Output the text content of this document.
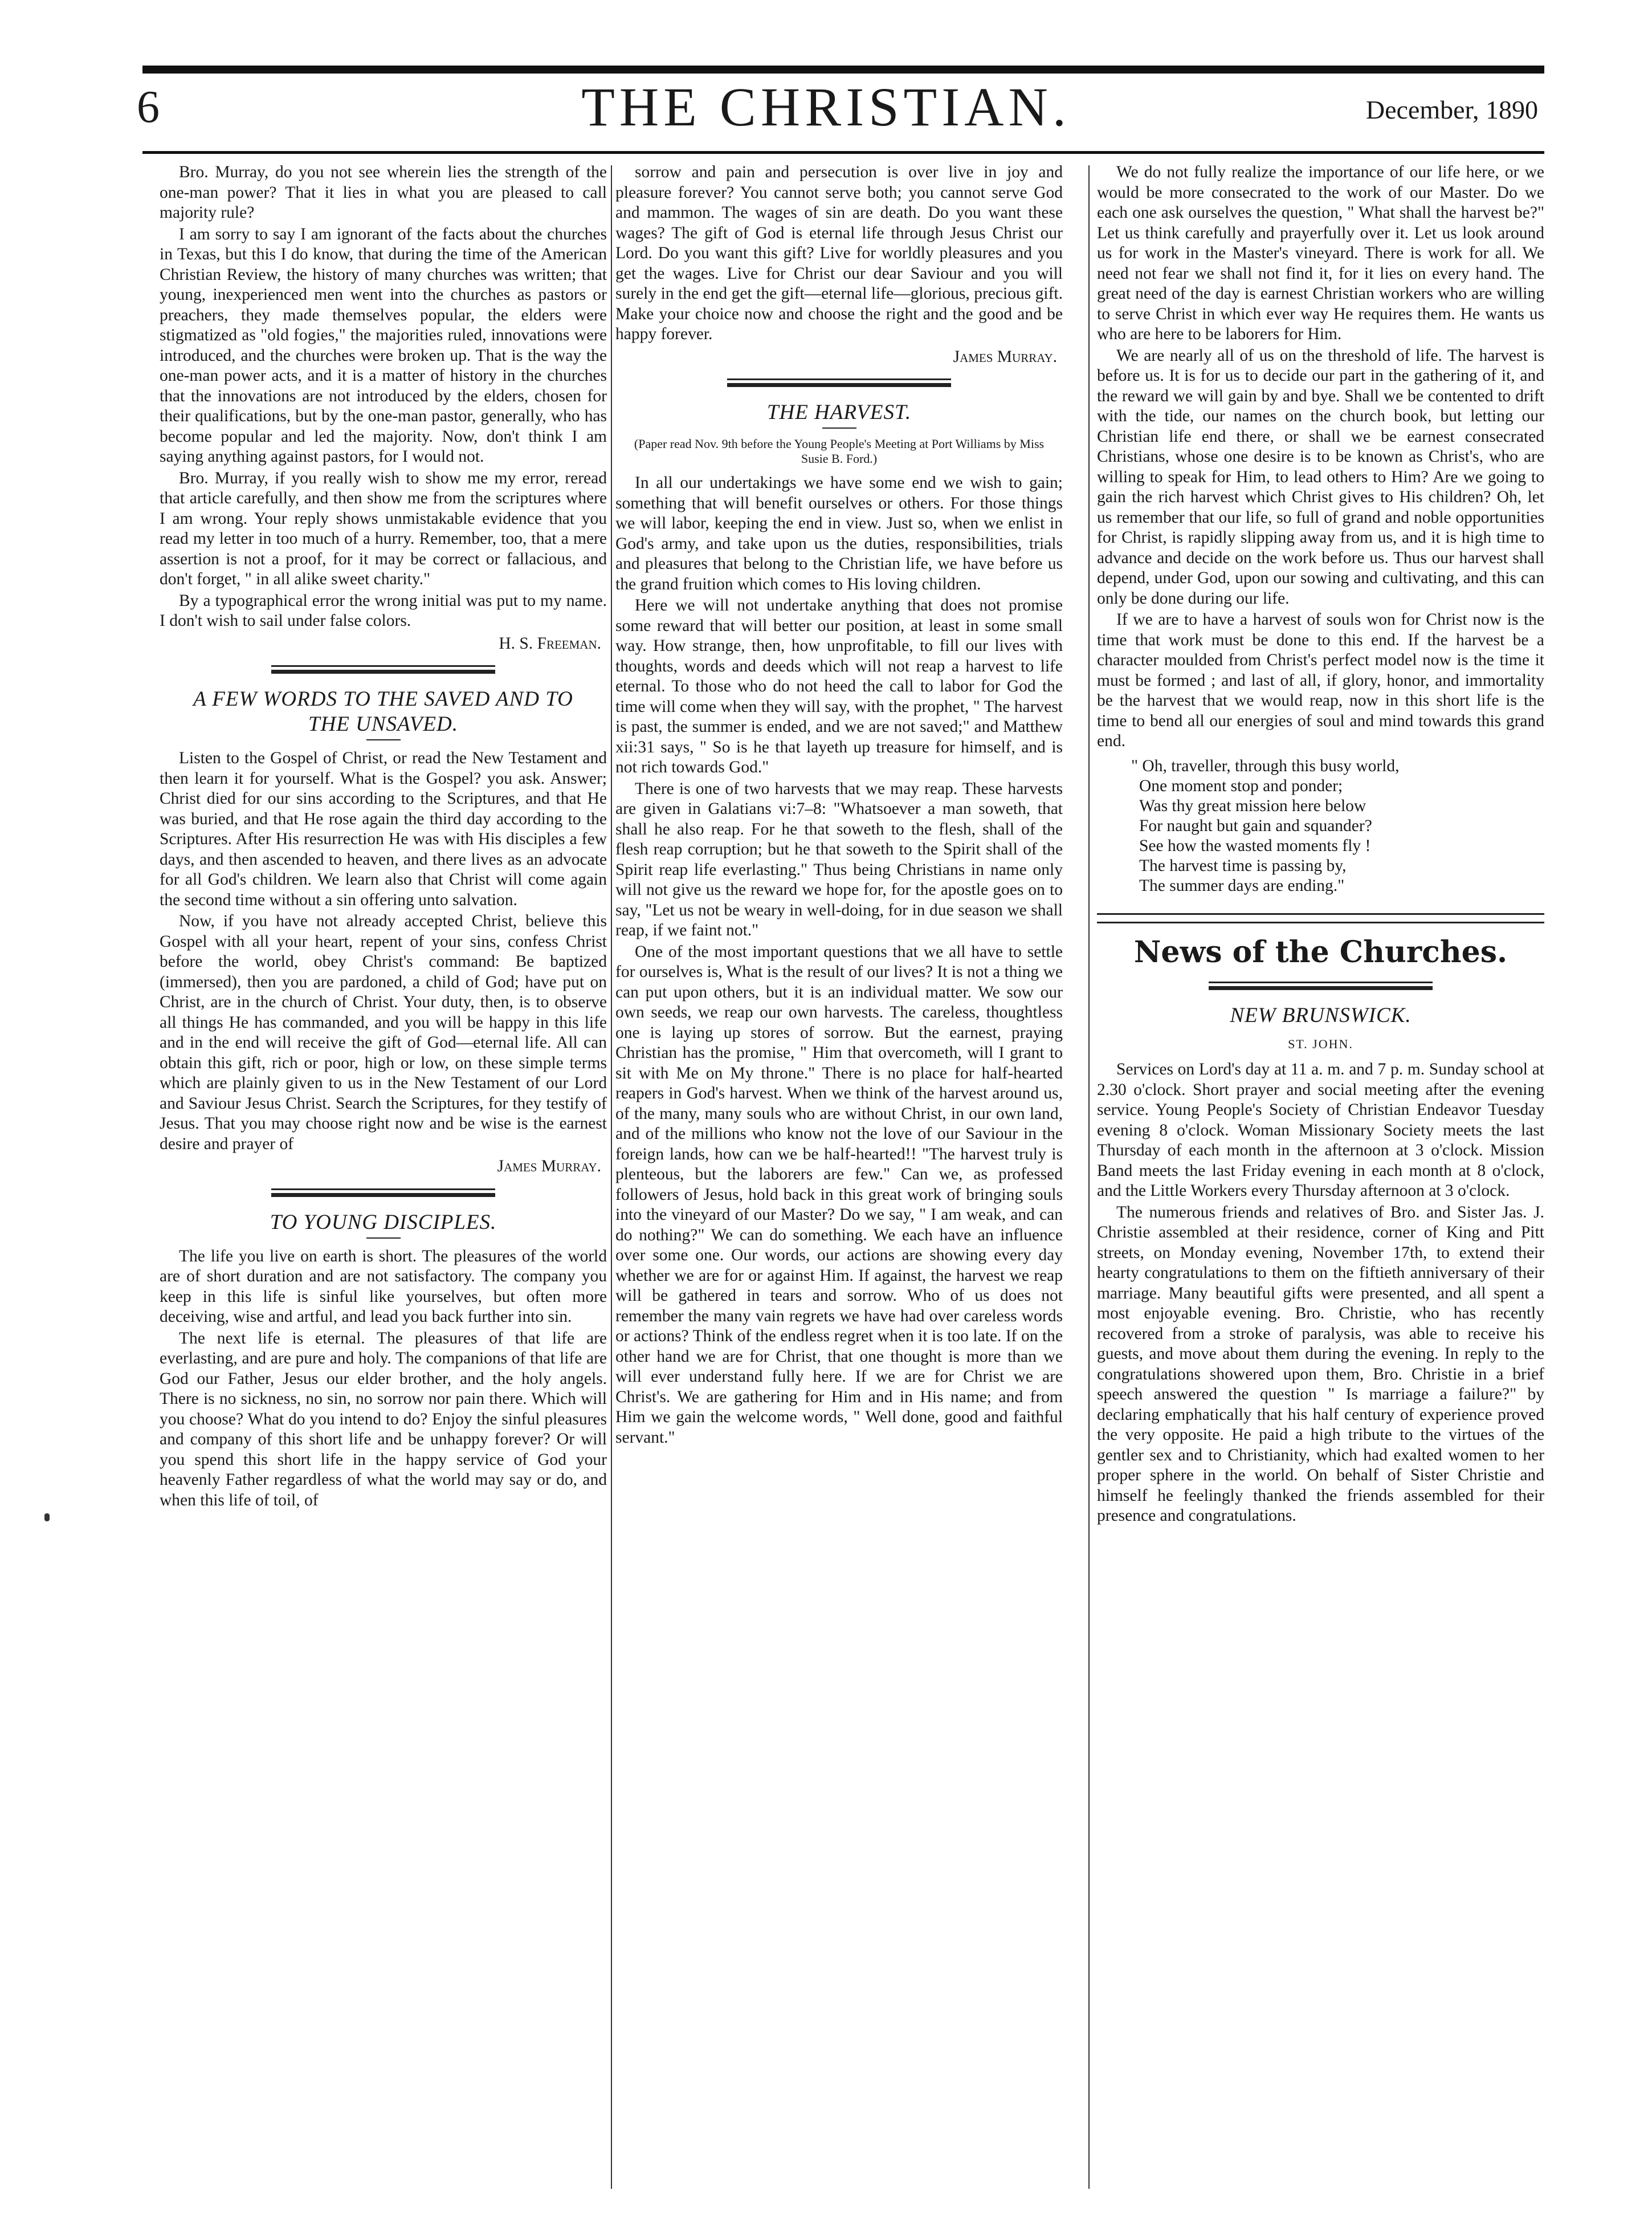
6	THE CHRISTIAN.	December, 1890

Bro. Murray, do you not see wherein lies the strength of the one-man power? That it lies in what you are pleased to call majority rule?

I am sorry to say I am ignorant of the facts about the churches in Texas, but this I do know, that during the time of the American Christian Review, the history of many churches was written; that young, inexperienced men went into the churches as pastors or preachers, they made themselves popular, the elders were stigmatized as "old fogies," the majorities ruled, innovations were introduced, and the churches were broken up. That is the way the one-man power acts, and it is a matter of history in the churches that the innovations are not introduced by the elders, chosen for their qualifications, but by the one-man pastor, generally, who has become popular and led the majority. Now, don't think I am saying anything against pastors, for I would not.

Bro. Murray, if you really wish to show me my error, reread that article carefully, and then show me from the scriptures where I am wrong. Your reply shows unmistakable evidence that you read my letter in too much of a hurry. Remember, too, that a mere assertion is not a proof, for it may be correct or fallacious, and don't forget, " in all alike sweet charity."

By a typographical error the wrong initial was put to my name. I don't wish to sail under false colors.

H. S. Freeman.
A FEW WORDS TO THE SAVED AND TO THE UNSAVED.

Listen to the Gospel of Christ, or read the New Testament and then learn it for yourself. What is the Gospel? you ask. Answer; Christ died for our sins according to the Scriptures, and that He was buried, and that He rose again the third day according to the Scriptures. After His resurrection He was with His disciples a few days, and then ascended to heaven, and there lives as an advocate for all God's children. We learn also that Christ will come again the second time without a sin offering unto salvation.

Now, if you have not already accepted Christ, believe this Gospel with all your heart, repent of your sins, confess Christ before the world, obey Christ's command: Be baptized (immersed), then you are pardoned, a child of God; have put on Christ, are in the church of Christ. Your duty, then, is to observe all things He has commanded, and you will be happy in this life and in the end will receive the gift of God—eternal life. All can obtain this gift, rich or poor, high or low, on these simple terms which are plainly given to us in the New Testament of our Lord and Saviour Jesus Christ. Search the Scriptures, for they testify of Jesus. That you may choose right now and be wise is the earnest desire and prayer of

James Murray.
TO YOUNG DISCIPLES.

The life you live on earth is short. The pleasures of the world are of short duration and are not satisfactory. The company you keep in this life is sinful like yourselves, but often more deceiving, wise and artful, and lead you back further into sin.

The next life is eternal. The pleasures of that life are everlasting, and are pure and holy. The companions of that life are God our Father, Jesus our elder brother, and the holy angels. There is no sickness, no sin, no sorrow nor pain there. Which will you choose? What do you intend to do? Enjoy the sinful pleasures and company of this short life and be unhappy forever? Or will you spend this short life in the happy service of God your heavenly Father regardless of what the world may say or do, and when this life of toil, of

sorrow and pain and persecution is over live in joy and pleasure forever? You cannot serve both; you cannot serve God and mammon. The wages of sin are death. Do you want these wages? The gift of God is eternal life through Jesus Christ our Lord. Do you want this gift? Live for worldly pleasures and you get the wages. Live for Christ our dear Saviour and you will surely in the end get the gift—eternal life—glorious, precious gift. Make your choice now and choose the right and the good and be happy forever.

James Murray.
THE HARVEST.
(Paper read Nov. 9th before the Young People's Meeting at Port Williams by Miss Susie B. Ford.)

In all our undertakings we have some end we wish to gain; something that will benefit ourselves or others. For those things we will labor, keeping the end in view. Just so, when we enlist in God's army, and take upon us the duties, responsibilities, trials and pleasures that belong to the Christian life, we have before us the grand fruition which comes to His loving children.

Here we will not undertake anything that does not promise some reward that will better our position, at least in some small way. How strange, then, how unprofitable, to fill our lives with thoughts, words and deeds which will not reap a harvest to life eternal. To those who do not heed the call to labor for God the time will come when they will say, with the prophet, " The harvest is past, the summer is ended, and we are not saved;" and Matthew xii:31 says, " So is he that layeth up treasure for himself, and is not rich towards God."

There is one of two harvests that we may reap. These harvests are given in Galatians vi:7–8: "Whatsoever a man soweth, that shall he also reap. For he that soweth to the flesh, shall of the flesh reap corruption; but he that soweth to the Spirit shall of the Spirit reap life everlasting." Thus being Christians in name only will not give us the reward we hope for, for the apostle goes on to say, "Let us not be weary in well-doing, for in due season we shall reap, if we faint not."

One of the most important questions that we all have to settle for ourselves is, What is the result of our lives? It is not a thing we can put upon others, but it is an individual matter. We sow our own seeds, we reap our own harvests. The careless, thoughtless one is laying up stores of sorrow. But the earnest, praying Christian has the promise, " Him that overcometh, will I grant to sit with Me on My throne." There is no place for half-hearted reapers in God's harvest. When we think of the harvest around us, of the many, many souls who are without Christ, in our own land, and of the millions who know not the love of our Saviour in the foreign lands, how can we be half-hearted!! "The harvest truly is plenteous, but the laborers are few." Can we, as professed followers of Jesus, hold back in this great work of bringing souls into the vineyard of our Master? Do we say, " I am weak, and can do nothing?" We can do something. We each have an influence over some one. Our words, our actions are showing every day whether we are for or against Him. If against, the harvest we reap will be gathered in tears and sorrow. Who of us does not remember the many vain regrets we have had over careless words or actions? Think of the endless regret when it is too late. If on the other hand we are for Christ, that one thought is more than we will ever understand fully here. If we are for Christ we are Christ's. We are gathering for Him and in His name; and from Him we gain the welcome words, " Well done, good and faithful servant."

We do not fully realize the importance of our life here, or we would be more consecrated to the work of our Master. Do we each one ask ourselves the question, " What shall the harvest be?" Let us think carefully and prayerfully over it. Let us look around us for work in the Master's vineyard. There is work for all. We need not fear we shall not find it, for it lies on every hand. The great need of the day is earnest Christian workers who are willing to serve Christ in which ever way He requires them. He wants us who are here to be laborers for Him.

We are nearly all of us on the threshold of life. The harvest is before us. It is for us to decide our part in the gathering of it, and the reward we will gain by and bye. Shall we be contented to drift with the tide, our names on the church book, but letting our Christian life end there, or shall we be earnest consecrated Christians, whose one desire is to be known as Christ's, who are willing to speak for Him, to lead others to Him? Are we going to gain the rich harvest which Christ gives to His children? Oh, let us remember that our life, so full of grand and noble opportunities for Christ, is rapidly slipping away from us, and it is high time to advance and decide on the work before us. Thus our harvest shall depend, under God, upon our sowing and cultivating, and this can only be done during our life.

If we are to have a harvest of souls won for Christ now is the time that work must be done to this end. If the harvest be a character moulded from Christ's perfect model now is the time it must be formed ; and last of all, if glory, honor, and immortality be the harvest that we would reap, now in this short life is the time to bend all our energies of soul and mind towards this grand end.

" Oh, traveller, through this busy world,
One moment stop and ponder;
Was thy great mission here below
For naught but gain and squander?
See how the wasted moments fly !
The harvest time is passing by,
The summer days are ending."
News of the Churches.
NEW BRUNSWICK.
ST. JOHN.

Services on Lord's day at 11 a. m. and 7 p. m. Sunday school at 2.30 o'clock. Short prayer and social meeting after the evening service. Young People's Society of Christian Endeavor Tuesday evening 8 o'clock. Woman Missionary Society meets the last Thursday of each month in the afternoon at 3 o'clock. Mission Band meets the last Friday evening in each month at 8 o'clock, and the Little Workers every Thursday afternoon at 3 o'clock.

The numerous friends and relatives of Bro. and Sister Jas. J. Christie assembled at their residence, corner of King and Pitt streets, on Monday evening, November 17th, to extend their hearty congratulations to them on the fiftieth anniversary of their marriage. Many beautiful gifts were presented, and all spent a most enjoyable evening. Bro. Christie, who has recently recovered from a stroke of paralysis, was able to receive his guests, and move about them during the evening. In reply to the congratulations showered upon them, Bro. Christie in a brief speech answered the question " Is marriage a failure?" by declaring emphatically that his half century of experience proved the very opposite. He paid a high tribute to the virtues of the gentler sex and to Christianity, which had exalted women to her proper sphere in the world. On behalf of Sister Christie and himself he feelingly thanked the friends assembled for their presence and congratulations.
